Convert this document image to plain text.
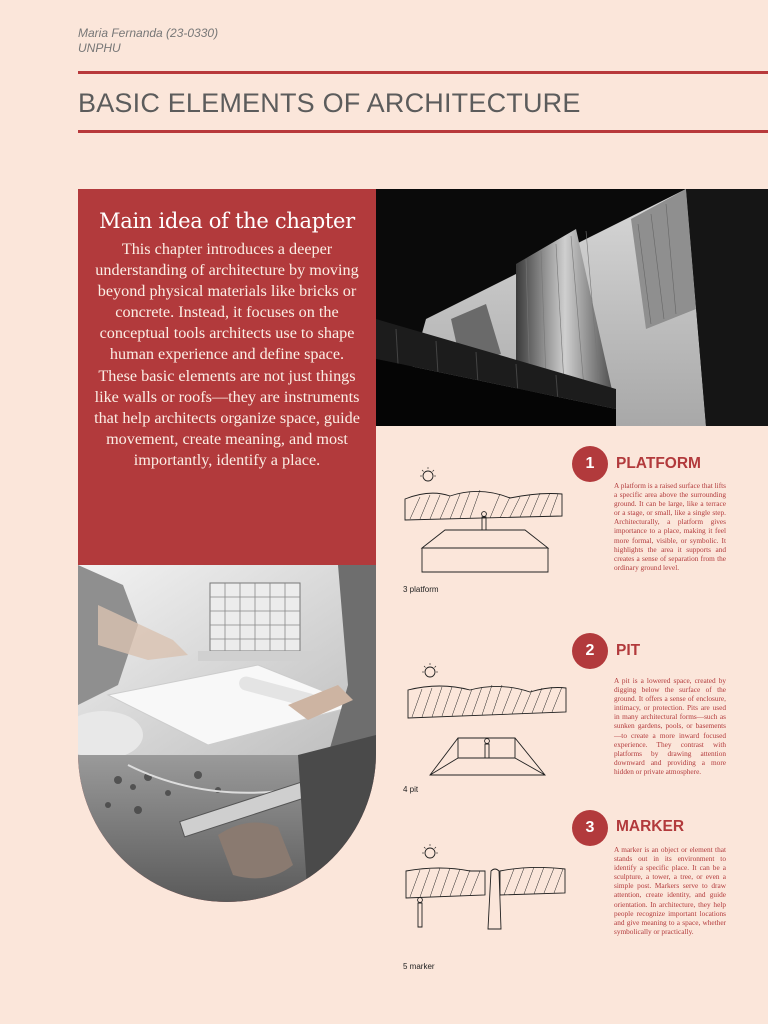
Maria Fernanda (23-0330)
UNPHU
BASIC ELEMENTS OF ARCHITECTURE
Main idea of the chapter

This chapter introduces a deeper understanding of architecture by moving beyond physical materials like bricks or concrete. Instead, it focuses on the conceptual tools architects use to shape human experience and define space. These basic elements are not just things like walls or roofs—they are instruments that help architects organize space, guide movement, create meaning, and most importantly, identify a place.

3 platform
1	PLATFORM

A platform is a raised surface that lifts a specific area above the surrounding ground. It can be large, like a terrace or a stage, or small, like a single step. Architecturally, a platform gives importance to a place, making it feel more formal, visible, or symbolic. It highlights the area it supports and creates a sense of separation from the ordinary ground level.

4 pit
2	PIT

A pit is a lowered space, created by digging below the surface of the ground. It offers a sense of enclosure, intimacy, or protection. Pits are used in many architectural forms—such as sunken gardens, pools, or basements—to create a more inward focused experience. They contrast with platforms by drawing attention downward and providing a more hidden or private atmosphere.

5 marker
3	MARKER

A marker is an object or element that stands out in its environment to identify a specific place. It can be a sculpture, a tower, a tree, or even a simple post. Markers serve to draw attention, create identity, and guide orientation. In architecture, they help people recognize important locations and give meaning to a space, whether symbolically or practically.
